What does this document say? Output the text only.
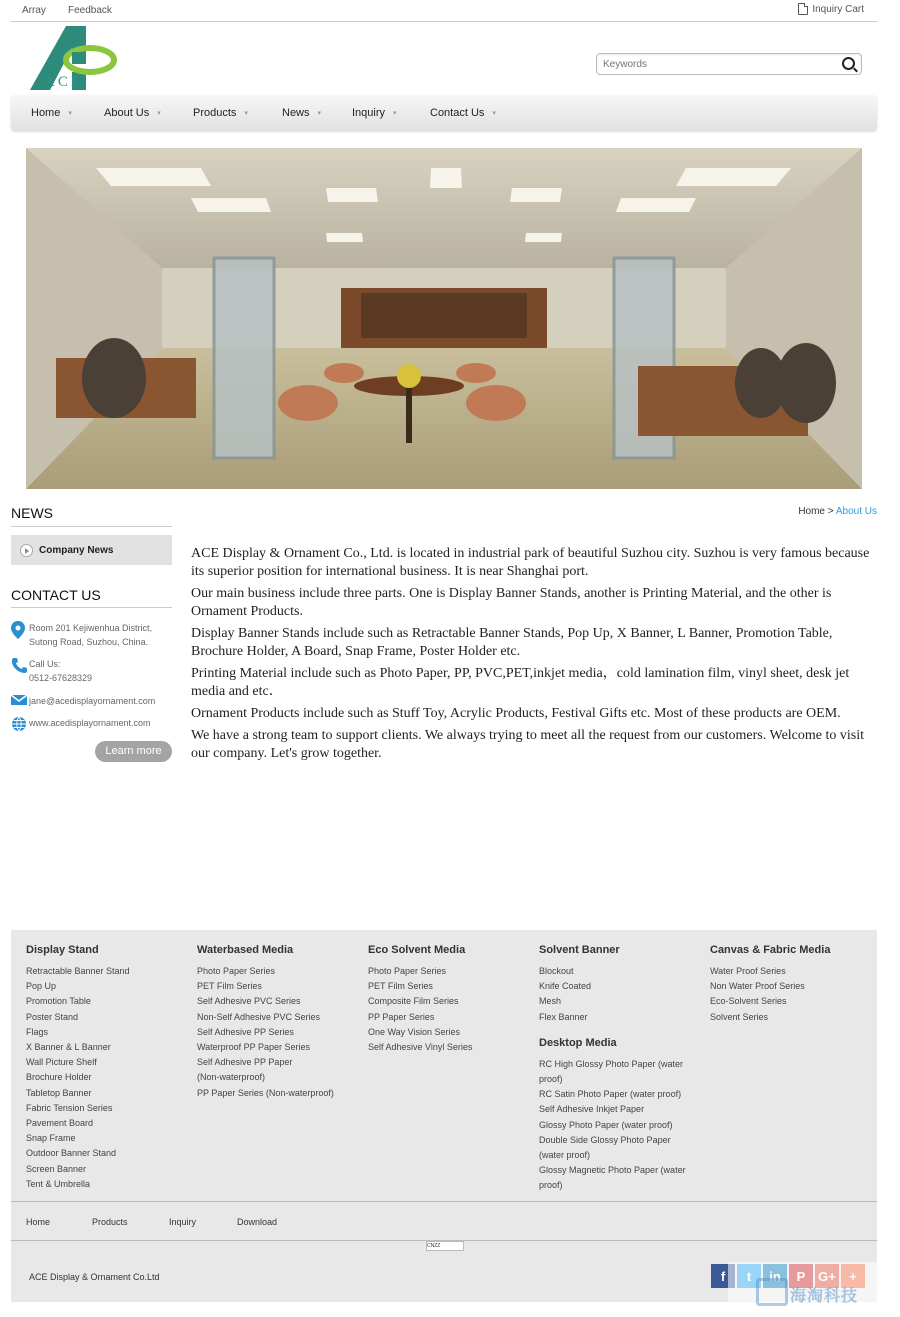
Array Feedback	Inquiry Cart
ACE
Keywords
Home ▾	About Us ▾	Products ▾	News ▾	Inquiry ▾	Contact Us ▾
NEWS
Company News
CONTACT US
Room 201 Kejiwenhua District, Sutong Road, Suzhou, China.
Call Us:
0512-67628329
jane@acedisplayornament.com
www.acedisplayornament.com
Learn more
Home > About Us

ACE Display & Ornament Co., Ltd. is located in industrial park of beautiful Suzhou city. Suzhou is very famous because its superior position for international business. It is near Shanghai port.

Our main business include three parts. One is Display Banner Stands, another is Printing Material, and the other is Ornament Products.

Display Banner Stands include such as Retractable Banner Stands, Pop Up, X Banner, L Banner, Promotion Table, Brochure Holder, A Board, Snap Frame, Poster Holder etc.

Printing Material include such as Photo Paper, PP, PVC,PET,inkjet media，cold lamination film, vinyl sheet, desk jet media and etc．

Ornament Products include such as Stuff Toy, Acrylic Products, Festival Gifts etc. Most of these products are OEM.

We have a strong team to support clients. We always trying to meet all the request from our customers. Welcome to visit our company. Let's grow together.

Display Stand
Retractable Banner Stand
Pop Up
Promotion Table
Poster Stand
Flags
X Banner & L Banner
Wall Picture Shelf
Brochure Holder
Tabletop Banner
Fabric Tension Series
Pavement Board
Snap Frame
Outdoor Banner Stand
Screen Banner
Tent & Umbrella
Waterbased Media
Photo Paper Series
PET Film Series
Self Adhesive PVC Series
Non-Self Adhesive PVC Series
Self Adhesive PP Series
Waterproof PP Paper Series
Self Adhesive PP Paper (Non-waterproof)
PP Paper Series (Non-waterproof)
Eco Solvent Media
Photo Paper Series
PET Film Series
Composite Film Series
PP Paper Series
One Way Vision Series
Self Adhesive Vinyl Series
Solvent Banner
Blockout
Knife Coated
Mesh
Flex Banner
Desktop Media
RC High Glossy Photo Paper (water proof)
RC Satin Photo Paper (water proof)
Self Adhesive Inkjet Paper
Glossy Photo Paper (water proof)
Double Side Glossy Photo Paper (water proof)
Glossy Magnetic Photo Paper (water proof)
Canvas & Fabric Media
Water Proof Series
Non Water Proof Series
Eco-Solvent Series
Solvent Series
Home	Products	Inquiry	Download
CNZZ
ACE Display & Ornament Co.Ltd	f
海淘科技
